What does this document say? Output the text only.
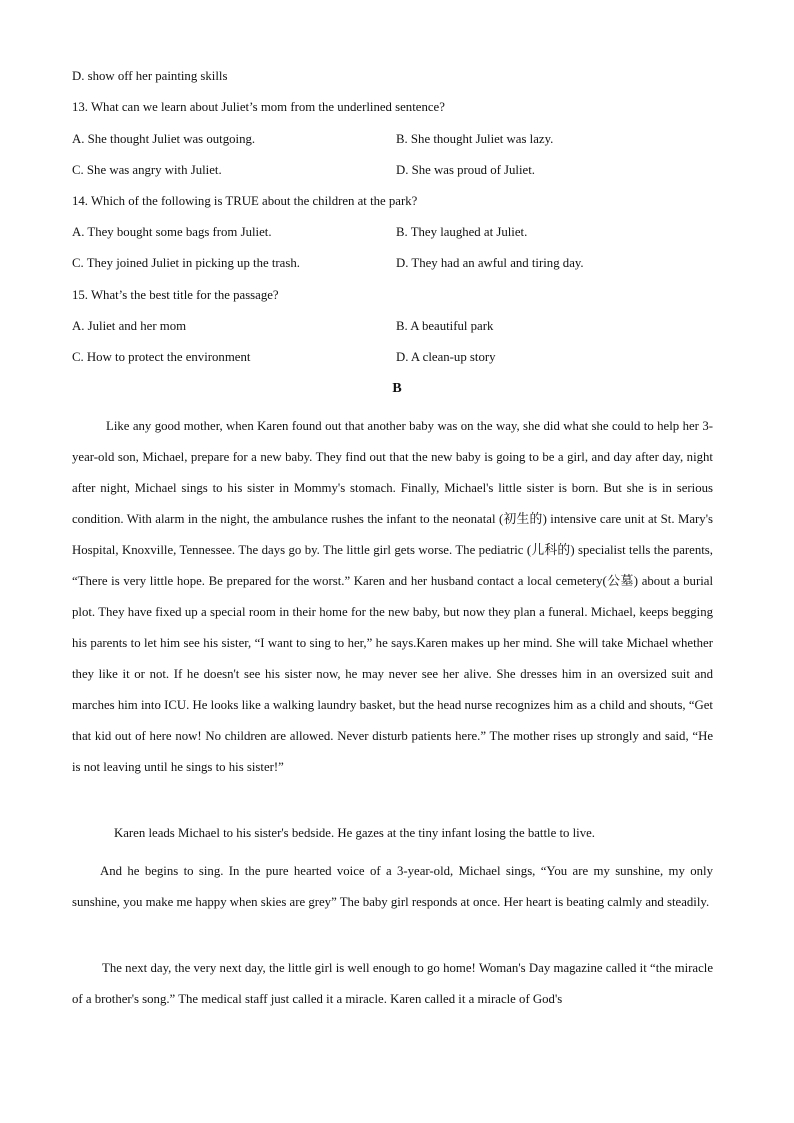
D. show off her painting skills
13. What can we learn about Juliet’s mom from the underlined sentence?
A. She thought Juliet was outgoing.	B. She thought Juliet was lazy.
C. She was angry with Juliet.	D. She was proud of Juliet.
14. Which of the following is TRUE about the children at the park?
A. They bought some bags from Juliet.	B. They laughed at Juliet.
C. They joined Juliet in picking up the trash.	D. They had an awful and tiring day.
15. What’s the best title for the passage?
A. Juliet and her mom	B. A beautiful park
C. How to protect the environment	D. A clean-up story
B

Like any good mother, when Karen found out that another baby was on the way, she did what she could to help her 3-year-old son, Michael, prepare for a new baby. They find out that the new baby is going to be a girl, and day after day, night after night, Michael sings to his sister in Mommy's stomach. Finally, Michael's little sister is born. But she is in serious condition. With alarm in the night, the ambulance rushes the infant to the neonatal (初生的) intensive care unit at St. Mary's Hospital, Knoxville, Tennessee. The days go by. The little girl gets worse. The pediatric (儿科的) specialist tells the parents, “There is very little hope. Be prepared for the worst.” Karen and her husband contact a local cemetery(公墓) about a burial plot. They have fixed up a special room in their home for the new baby, but now they plan a funeral. Michael, keeps begging his parents to let him see his sister, “I want to sing to her,” he says.Karen makes up her mind. She will take Michael whether they like it or not. If he doesn't see his sister now, he may never see her alive. She dresses him in an oversized suit and marches him into ICU. He looks like a walking laundry basket, but the head nurse recognizes him as a child and shouts, “Get that kid out of here now! No children are allowed. Never disturb patients here.” The mother rises up strongly and said, “He is not leaving until he sings to his sister!”

Karen leads Michael to his sister's bedside. He gazes at the tiny infant losing the battle to live.

And he begins to sing. In the pure hearted voice of a 3-year-old, Michael sings, “You are my sunshine, my only sunshine, you make me happy when skies are grey” The baby girl responds at once. Her heart is beating calmly and steadily.

The next day, the very next day, the little girl is well enough to go home! Woman's Day magazine called it “the miracle of a brother's song.” The medical staff just called it a miracle. Karen called it a miracle of God's
